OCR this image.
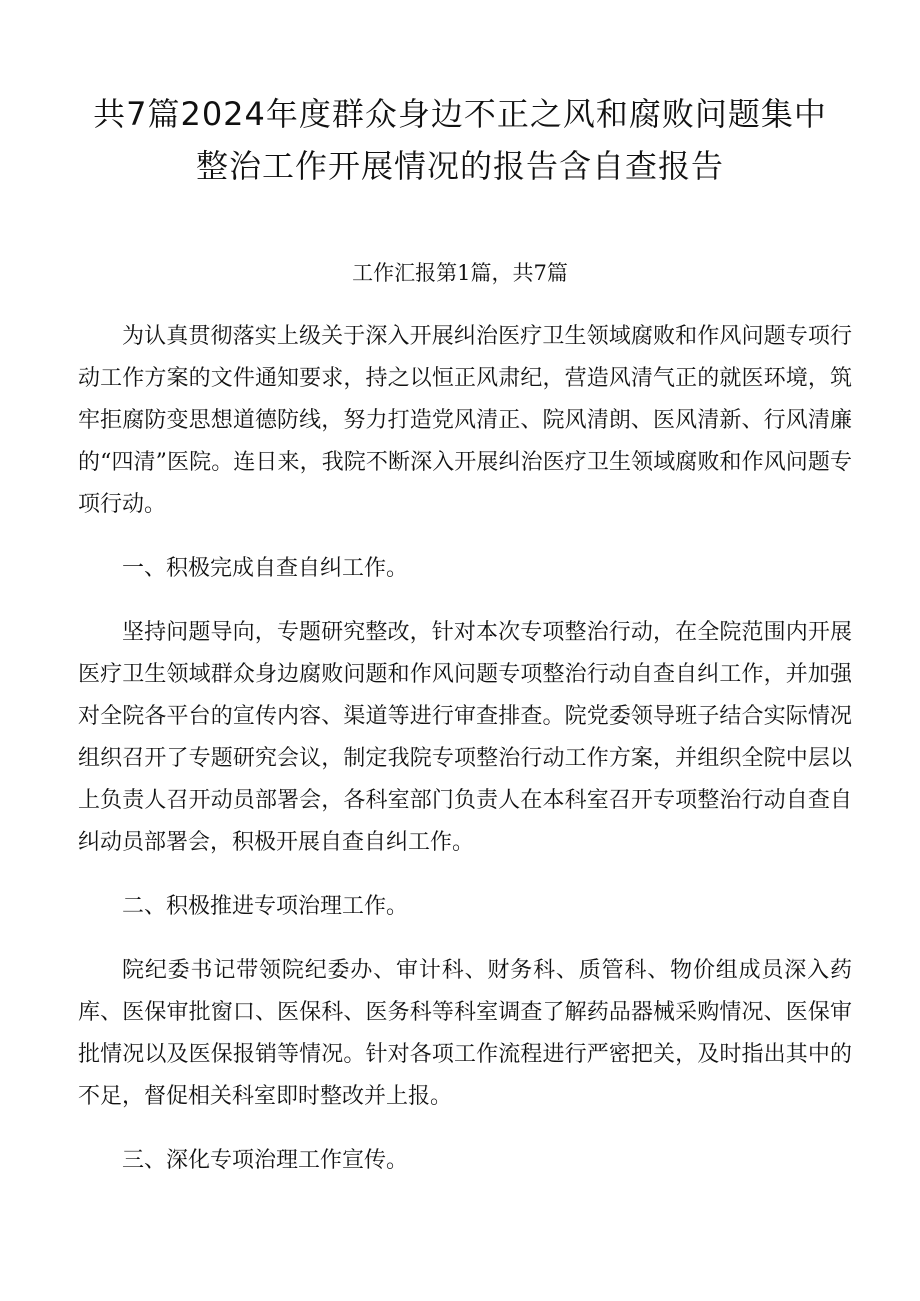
共7篇2024年度群众身边不正之风和腐败问题集中
整治工作开展情况的报告含自查报告
工作汇报第1篇，共7篇

为认真贯彻落实上级关于深入开展纠治医疗卫生领域腐败和作风问题专项行动工作方案的文件通知要求，持之以恒正风肃纪，营造风清气正的就医环境，筑牢拒腐防变思想道德防线，努力打造党风清正、院风清朗、医风清新、行风清廉的“四清”医院。连日来，我院不断深入开展纠治医疗卫生领域腐败和作风问题专项行动。

一、积极完成自查自纠工作。

坚持问题导向，专题研究整改，针对本次专项整治行动，在全院范围内开展医疗卫生领域群众身边腐败问题和作风问题专项整治行动自查自纠工作，并加强对全院各平台的宣传内容、渠道等进行审查排查。院党委领导班子结合实际情况组织召开了专题研究会议，制定我院专项整治行动工作方案，并组织全院中层以上负责人召开动员部署会，各科室部门负责人在本科室召开专项整治行动自查自纠动员部署会，积极开展自查自纠工作。

二、积极推进专项治理工作。

院纪委书记带领院纪委办、审计科、财务科、质管科、物价组成员深入药库、医保审批窗口、医保科、医务科等科室调查了解药品器械采购情况、医保审批情况以及医保报销等情况。针对各项工作流程进行严密把关，及时指出其中的不足，督促相关科室即时整改并上报。

三、深化专项治理工作宣传。
